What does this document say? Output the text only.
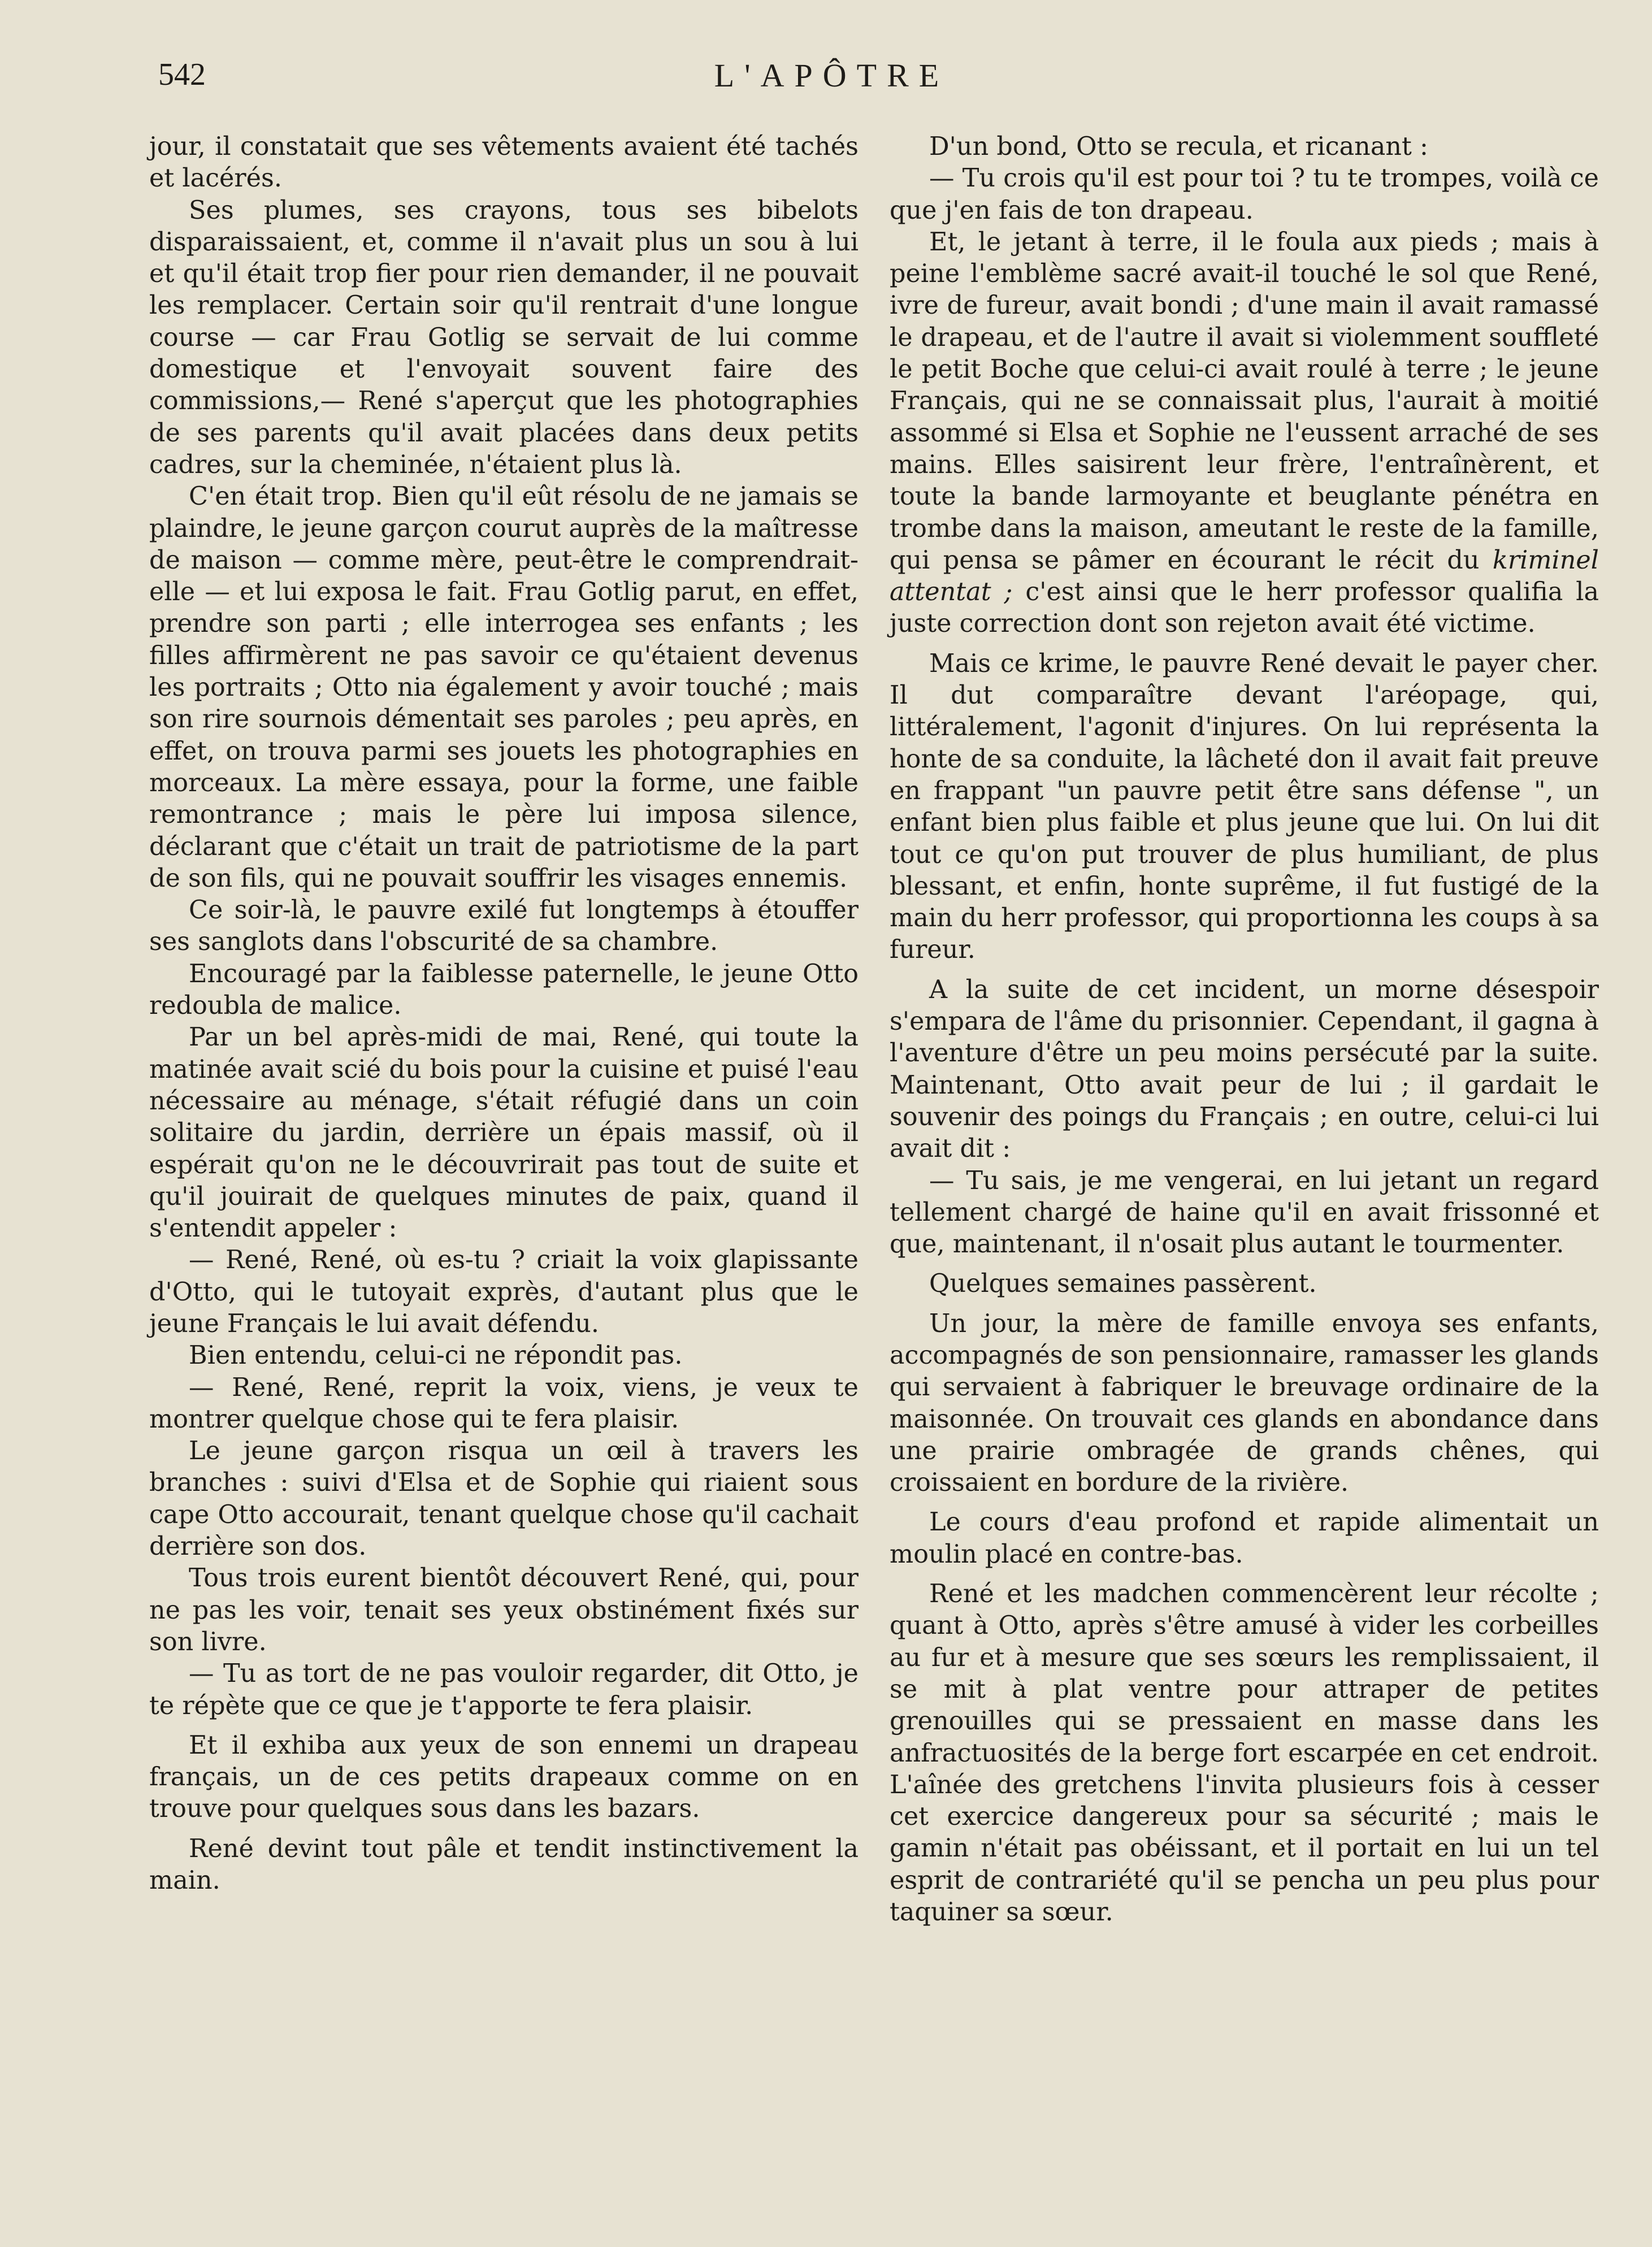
542	L'APÔTRE

jour, il constatait que ses vêtements avaient été tachés et lacérés.

Ses plumes, ses crayons, tous ses bibelots disparaissaient, et, comme il n'avait plus un sou à lui et qu'il était trop fier pour rien demander, il ne pouvait les remplacer. Certain soir qu'il rentrait d'une longue course — car Frau Gotlig se servait de lui comme domestique et l'envoyait souvent faire des commissions,— René s'aperçut que les photographies de ses parents qu'il avait placées dans deux petits cadres, sur la cheminée, n'étaient plus là.

C'en était trop. Bien qu'il eût résolu de ne jamais se plaindre, le jeune garçon courut auprès de la maîtresse de maison — comme mère, peut-être le comprendrait-elle — et lui exposa le fait. Frau Gotlig parut, en effet, prendre son parti ; elle interrogea ses enfants ; les filles affirmèrent ne pas savoir ce qu'étaient devenus les portraits ; Otto nia également y avoir touché ; mais son rire sournois démentait ses paroles ; peu après, en effet, on trouva parmi ses jouets les photographies en morceaux. La mère essaya, pour la forme, une faible remontrance ; mais le père lui imposa silence, déclarant que c'était un trait de patriotisme de la part de son fils, qui ne pouvait souffrir les visages ennemis.

Ce soir-là, le pauvre exilé fut longtemps à étouffer ses sanglots dans l'obscurité de sa chambre.

Encouragé par la faiblesse paternelle, le jeune Otto redoubla de malice.

Par un bel après-midi de mai, René, qui toute la matinée avait scié du bois pour la cuisine et puisé l'eau nécessaire au ménage, s'était réfugié dans un coin solitaire du jardin, derrière un épais massif, où il espérait qu'on ne le découvrirait pas tout de suite et qu'il jouirait de quelques minutes de paix, quand il s'entendit appeler :

— René, René, où es-tu ? criait la voix glapissante d'Otto, qui le tutoyait exprès, d'autant plus que le jeune Français le lui avait défendu.

Bien entendu, celui-ci ne répondit pas.

— René, René, reprit la voix, viens, je veux te montrer quelque chose qui te fera plaisir.

Le jeune garçon risqua un œil à travers les branches : suivi d'Elsa et de Sophie qui riaient sous cape Otto accourait, tenant quelque chose qu'il cachait derrière son dos.

Tous trois eurent bientôt découvert René, qui, pour ne pas les voir, tenait ses yeux obstinément fixés sur son livre.

— Tu as tort de ne pas vouloir regarder, dit Otto, je te répète que ce que je t'apporte te fera plaisir.

Et il exhiba aux yeux de son ennemi un drapeau français, un de ces petits drapeaux comme on en trouve pour quelques sous dans les bazars.

René devint tout pâle et tendit instinctivement la main.

D'un bond, Otto se recula, et ricanant :

— Tu crois qu'il est pour toi ? tu te trompes, voilà ce que j'en fais de ton drapeau.

Et, le jetant à terre, il le foula aux pieds ; mais à peine l'emblème sacré avait-il touché le sol que René, ivre de fureur, avait bondi ; d'une main il avait ramassé le drapeau, et de l'autre il avait si violemment souffleté le petit Boche que celui-ci avait roulé à terre ; le jeune Français, qui ne se connaissait plus, l'aurait à moitié assommé si Elsa et Sophie ne l'eussent arraché de ses mains. Elles saisirent leur frère, l'entraînèrent, et toute la bande larmoyante et beuglante pénétra en trombe dans la maison, ameutant le reste de la famille, qui pensa se pâmer en écourant le récit du kriminel attentat ; c'est ainsi que le herr professor qualifia la juste correction dont son rejeton avait été victime.

Mais ce krime, le pauvre René devait le payer cher. Il dut comparaître devant l'aréopage, qui, littéralement, l'agonit d'injures. On lui représenta la honte de sa conduite, la lâcheté don il avait fait preuve en frappant "un pauvre petit être sans défense ", un enfant bien plus faible et plus jeune que lui. On lui dit tout ce qu'on put trouver de plus humiliant, de plus blessant, et enfin, honte suprême, il fut fustigé de la main du herr professor, qui proportionna les coups à sa fureur.

A la suite de cet incident, un morne désespoir s'empara de l'âme du prisonnier. Cependant, il gagna à l'aventure d'être un peu moins persécuté par la suite. Maintenant, Otto avait peur de lui ; il gardait le souvenir des poings du Français ; en outre, celui-ci lui avait dit :

— Tu sais, je me vengerai, en lui jetant un regard tellement chargé de haine qu'il en avait frissonné et que, maintenant, il n'osait plus autant le tourmenter.

Quelques semaines passèrent.

Un jour, la mère de famille envoya ses enfants, accompagnés de son pensionnaire, ramasser les glands qui servaient à fabriquer le breuvage ordinaire de la maisonnée. On trouvait ces glands en abondance dans une prairie ombragée de grands chênes, qui croissaient en bordure de la rivière.

Le cours d'eau profond et rapide alimentait un moulin placé en contre-bas.

René et les madchen commencèrent leur récolte ; quant à Otto, après s'être amusé à vider les corbeilles au fur et à mesure que ses sœurs les remplissaient, il se mit à plat ventre pour attraper de petites grenouilles qui se pressaient en masse dans les anfractuosités de la berge fort escarpée en cet endroit. L'aînée des gretchens l'invita plusieurs fois à cesser cet exercice dangereux pour sa sécurité ; mais le gamin n'était pas obéissant, et il portait en lui un tel esprit de contrariété qu'il se pencha un peu plus pour taquiner sa sœur.
